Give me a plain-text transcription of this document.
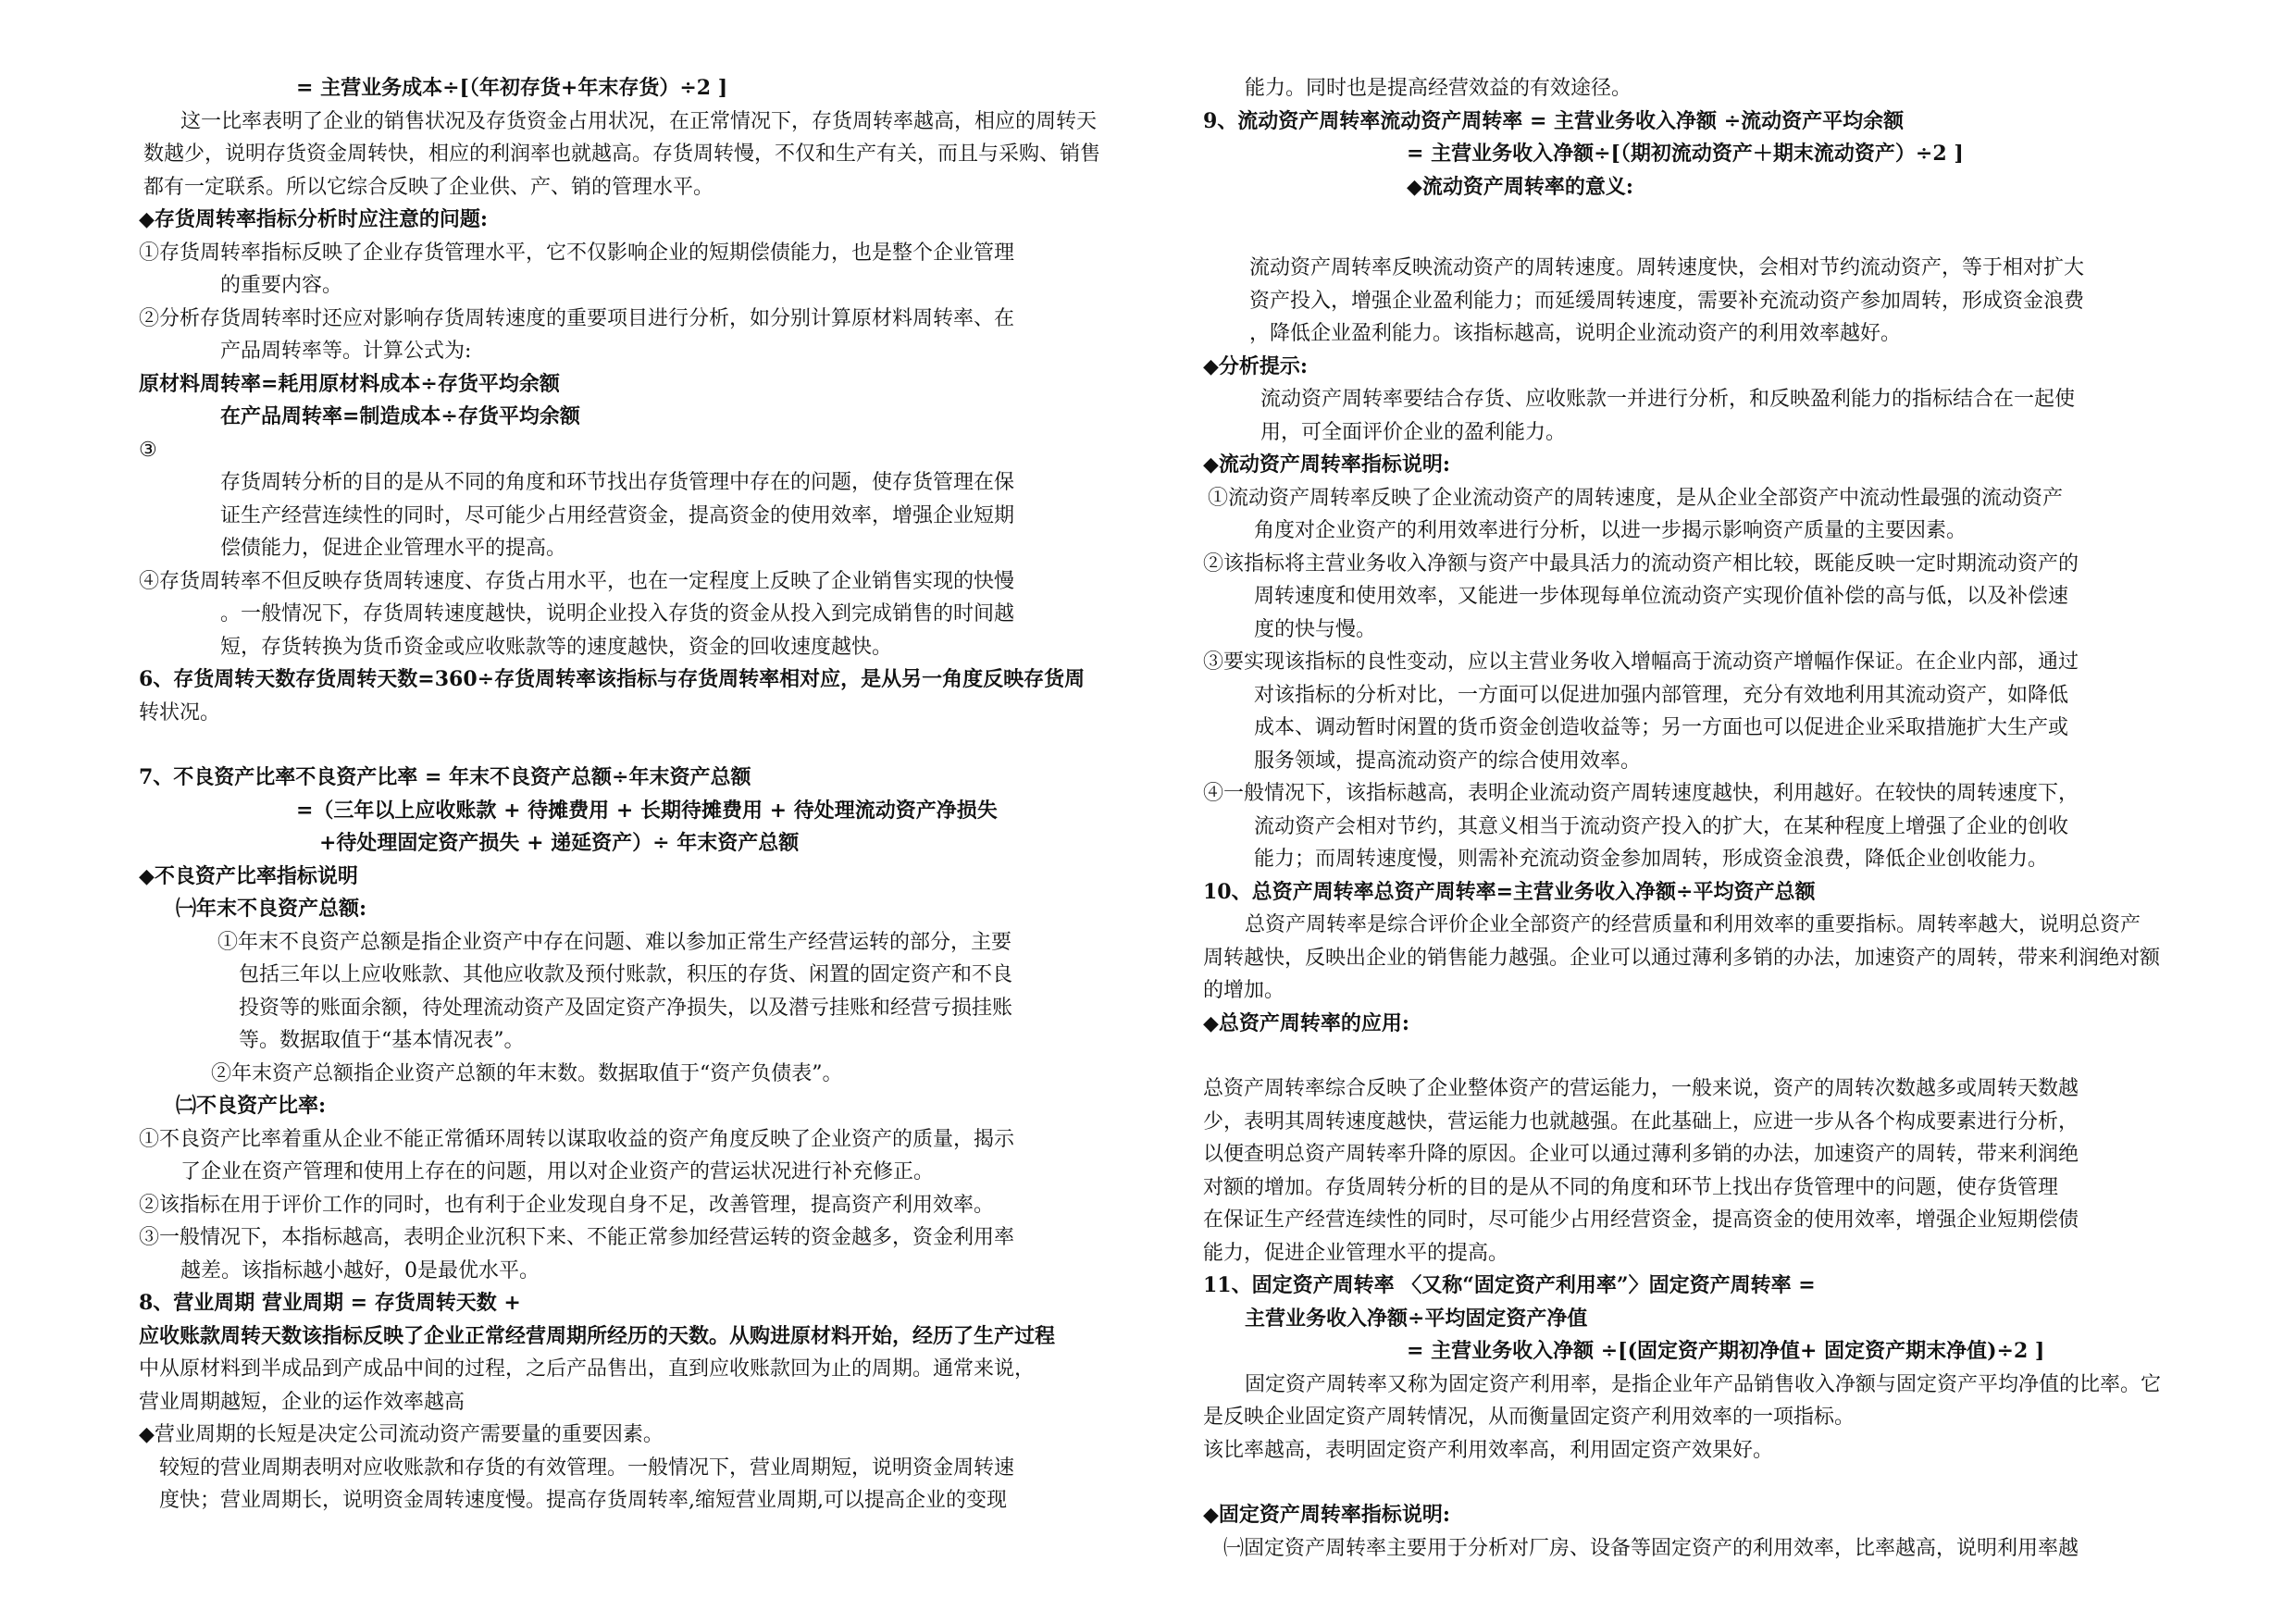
= 主营业务成本÷[（年初存货+年末存货）÷2 ]
这一比率表明了企业的销售状况及存货资金占用状况，在正常情况下，存货周转率越高，相应的周转天
数越少，说明存货资金周转快，相应的利润率也就越高。存货周转慢，不仅和生产有关，而且与采购、销售
都有一定联系。所以它综合反映了企业供、产、销的管理水平。
◆存货周转率指标分析时应注意的问题:
①存货周转率指标反映了企业存货管理水平，它不仅影响企业的短期偿债能力，也是整个企业管理
的重要内容。
②分析存货周转率时还应对影响存货周转速度的重要项目进行分析，如分别计算原材料周转率、在
产品周转率等。计算公式为:
原材料周转率=耗用原材料成本÷存货平均余额
在产品周转率=制造成本÷存货平均余额
③
存货周转分析的目的是从不同的角度和环节找出存货管理中存在的问题，使存货管理在保
证生产经营连续性的同时，尽可能少占用经营资金，提高资金的使用效率，增强企业短期
偿债能力，促进企业管理水平的提高。
④存货周转率不但反映存货周转速度、存货占用水平，也在一定程度上反映了企业销售实现的快慢
。一般情况下，存货周转速度越快，说明企业投入存货的资金从投入到完成销售的时间越
短，存货转换为货币资金或应收账款等的速度越快，资金的回收速度越快。
6、存货周转天数存货周转天数=360÷存货周转率该指标与存货周转率相对应，是从另一角度反映存货周
转状况。
7、不良资产比率不良资产比率 = 年末不良资产总额÷年末资产总额
=（三年以上应收账款 + 待摊费用 + 长期待摊费用 + 待处理流动资产净损失
+待处理固定资产损失 + 递延资产）÷ 年末资产总额
◆不良资产比率指标说明
㈠年末不良资产总额:
①年末不良资产总额是指企业资产中存在问题、难以参加正常生产经营运转的部分，主要
包括三年以上应收账款、其他应收款及预付账款，积压的存货、闲置的固定资产和不良
投资等的账面余额，待处理流动资产及固定资产净损失，以及潜亏挂账和经营亏损挂账
等。数据取值于“基本情况表”。
②年末资产总额指企业资产总额的年末数。数据取值于“资产负债表”。
㈡不良资产比率:
①不良资产比率着重从企业不能正常循环周转以谋取收益的资产角度反映了企业资产的质量，揭示
了企业在资产管理和使用上存在的问题，用以对企业资产的营运状况进行补充修正。
②该指标在用于评价工作的同时，也有利于企业发现自身不足，改善管理，提高资产利用效率。
③一般情况下，本指标越高，表明企业沉积下来、不能正常参加经营运转的资金越多，资金利用率
越差。该指标越小越好，0是最优水平。
8、营业周期 营业周期 = 存货周转天数 +
应收账款周转天数该指标反映了企业正常经营周期所经历的天数。从购进原材料开始，经历了生产过程
中从原材料到半成品到产成品中间的过程，之后产品售出，直到应收账款回为止的周期。通常来说，
营业周期越短，企业的运作效率越高
◆营业周期的长短是决定公司流动资产需要量的重要因素。
较短的营业周期表明对应收账款和存货的有效管理。一般情况下，营业周期短，说明资金周转速
度快；营业周期长，说明资金周转速度慢。提高存货周转率,缩短营业周期,可以提高企业的变现
能力。同时也是提高经营效益的有效途径。
9、流动资产周转率流动资产周转率 = 主营业务收入净额 ÷流动资产平均余额
= 主营业务收入净额÷[（期初流动资产＋期末流动资产）÷2 ]
◆流动资产周转率的意义:
流动资产周转率反映流动资产的周转速度。周转速度快，会相对节约流动资产，等于相对扩大
资产投入，增强企业盈利能力；而延缓周转速度，需要补充流动资产参加周转，形成资金浪费
，降低企业盈利能力。该指标越高，说明企业流动资产的利用效率越好。
◆分析提示:
流动资产周转率要结合存货、应收账款一并进行分析，和反映盈利能力的指标结合在一起使
用，可全面评价企业的盈利能力。
◆流动资产周转率指标说明:
①流动资产周转率反映了企业流动资产的周转速度，是从企业全部资产中流动性最强的流动资产
角度对企业资产的利用效率进行分析，以进一步揭示影响资产质量的主要因素。
②该指标将主营业务收入净额与资产中最具活力的流动资产相比较，既能反映一定时期流动资产的
周转速度和使用效率，又能进一步体现每单位流动资产实现价值补偿的高与低，以及补偿速
度的快与慢。
③要实现该指标的良性变动，应以主营业务收入增幅高于流动资产增幅作保证。在企业内部，通过
对该指标的分析对比，一方面可以促进加强内部管理，充分有效地利用其流动资产，如降低
成本、调动暂时闲置的货币资金创造收益等；另一方面也可以促进企业采取措施扩大生产或
服务领域，提高流动资产的综合使用效率。
④一般情况下，该指标越高，表明企业流动资产周转速度越快，利用越好。在较快的周转速度下，
流动资产会相对节约，其意义相当于流动资产投入的扩大，在某种程度上增强了企业的创收
能力；而周转速度慢，则需补充流动资金参加周转，形成资金浪费，降低企业创收能力。
10、总资产周转率总资产周转率=主营业务收入净额÷平均资产总额
总资产周转率是综合评价企业全部资产的经营质量和利用效率的重要指标。周转率越大，说明总资产
周转越快，反映出企业的销售能力越强。企业可以通过薄利多销的办法，加速资产的周转，带来利润绝对额
的增加。
◆总资产周转率的应用:
总资产周转率综合反映了企业整体资产的营运能力，一般来说，资产的周转次数越多或周转天数越
少，表明其周转速度越快，营运能力也就越强。在此基础上，应进一步从各个构成要素进行分析，
以便查明总资产周转率升降的原因。企业可以通过薄利多销的办法，加速资产的周转，带来利润绝
对额的增加。存货周转分析的目的是从不同的角度和环节上找出存货管理中的问题，使存货管理
在保证生产经营连续性的同时，尽可能少占用经营资金，提高资金的使用效率，增强企业短期偿债
能力，促进企业管理水平的提高。
11、固定资产周转率 〈又称“固定资产利用率”〉固定资产周转率 =
主营业务收入净额÷平均固定资产净值
= 主营业务收入净额 ÷[(固定资产期初净值+ 固定资产期末净值)÷2 ]
固定资产周转率又称为固定资产利用率，是指企业年产品销售收入净额与固定资产平均净值的比率。它
是反映企业固定资产周转情况，从而衡量固定资产利用效率的一项指标。
该比率越高，表明固定资产利用效率高，利用固定资产效果好。
◆固定资产周转率指标说明:
㈠固定资产周转率主要用于分析对厂房、设备等固定资产的利用效率，比率越高，说明利用率越
